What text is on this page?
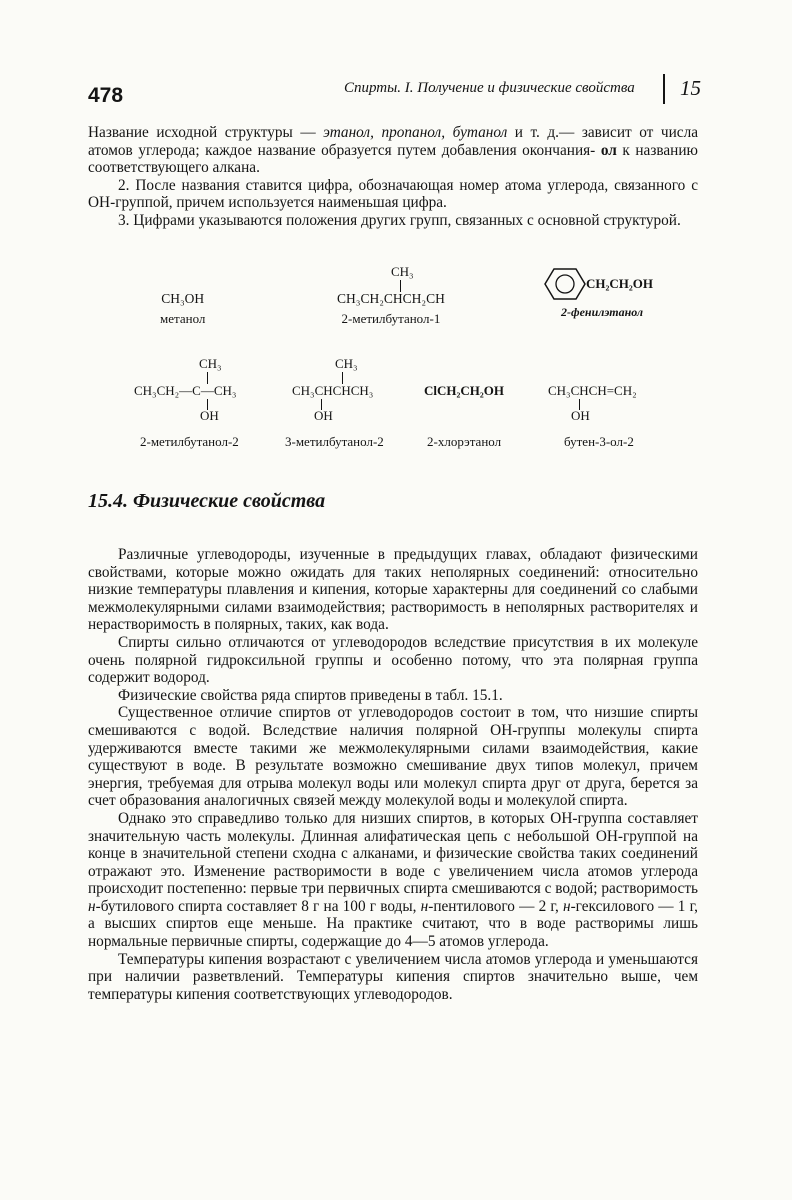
478	Спирты. I. Получение и физические свойства 15

Название исходной структуры — этанол, пропанол, бутанол и т. д.— зависит от числа атомов углерода; каждое название образуется путем добавления окончания- ол к названию соответствующего алкана.

2. После названия ставится цифра, обозначающая номер атома углерода, связанного с ОН-группой, причем используется наименьшая цифра.

3. Цифрами указываются положения других групп, связанных с основной структурой.

CH₃OH
метанол
CH₃
CH₃CH₂CHCH₂CH
2-метилбутанол-1
CH₂CH₂OH
2-фенилэтанол
CH₃
CH₃CH₂—C—CH₃
OH
2-метилбутанол-2
CH₃
CH₃CHCHCH₃
OH
3-метилбутанол-2
ClCH₂CH₂OH
2-хлорэтанол
CH₃CHCH=CH₂
OH
бутен-3-ол-2
15.4. Физические свойства

Различные углеводороды, изученные в предыдущих главах, обладают физическими свойствами, которые можно ожидать для таких неполярных соединений: относительно низкие температуры плавления и кипения, которые характерны для соединений со слабыми межмолекулярными силами взаимодействия; растворимость в неполярных растворителях и нерастворимость в полярных, таких, как вода.

Спирты сильно отличаются от углеводородов вследствие присутствия в их молекуле очень полярной гидроксильной группы и особенно потому, что эта полярная группа содержит водород.

Физические свойства ряда спиртов приведены в табл. 15.1.

Существенное отличие спиртов от углеводородов состоит в том, что низшие спирты смешиваются с водой. Вследствие наличия полярной ОН-группы молекулы спирта удерживаются вместе такими же межмолекулярными силами взаимодействия, какие существуют в воде. В результате возможно смешивание двух типов молекул, причем энергия, требуемая для отрыва молекул воды или молекул спирта друг от друга, берется за счет образования аналогичных связей между молекулой воды и молекулой спирта.

Однако это справедливо только для низших спиртов, в которых ОН-группа составляет значительную часть молекулы. Длинная алифатическая цепь с небольшой ОН-группой на конце в значительной степени сходна с алканами, и физические свойства таких соединений отражают это. Изменение растворимости в воде с увеличением числа атомов углерода происходит постепенно: первые три первичных спирта смешиваются с водой; растворимость н-бутилового спирта составляет 8 г на 100 г воды, н-пентилового — 2 г, н-гексилового — 1 г, а высших спиртов еще меньше. На практике считают, что в воде растворимы лишь нормальные первичные спирты, содержащие до 4—5 атомов углерода.

Температуры кипения возрастают с увеличением числа атомов углерода и уменьшаются при наличии разветвлений. Температуры кипения спиртов значительно выше, чем температуры кипения соответствующих углеводородов.
